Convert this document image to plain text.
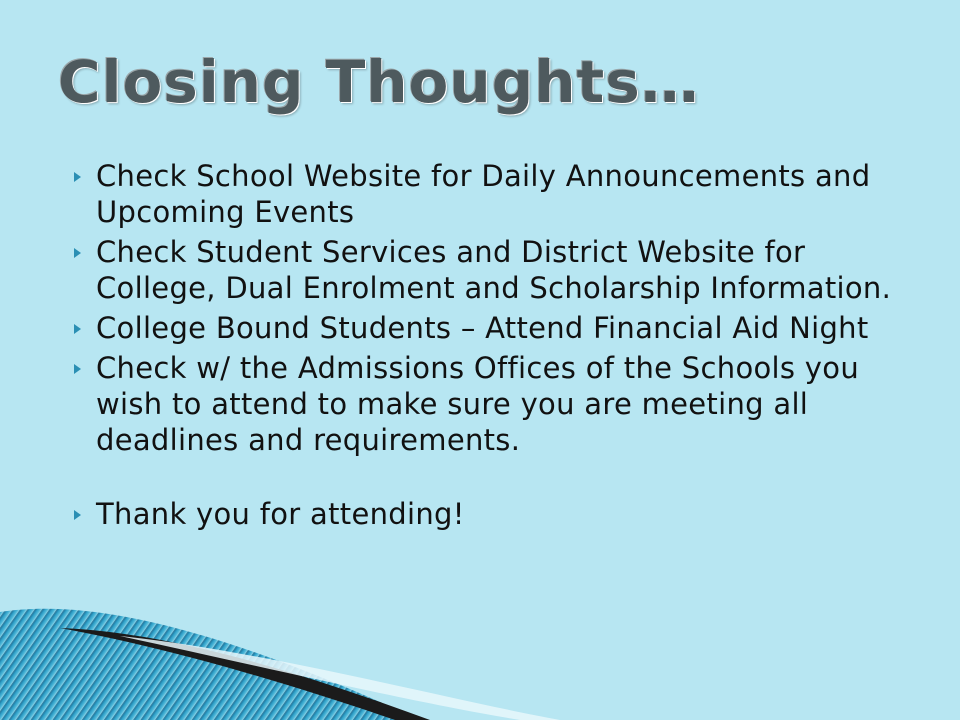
Closing Thoughts…
Check School Website for Daily Announcements and Upcoming Events
Check Student Services and District Website for College, Dual Enrolment and Scholarship Information.
College Bound Students – Attend Financial Aid Night
Check w/ the Admissions Offices of the Schools you wish to attend to make sure you are meeting all deadlines and requirements.
Thank you for attending!
